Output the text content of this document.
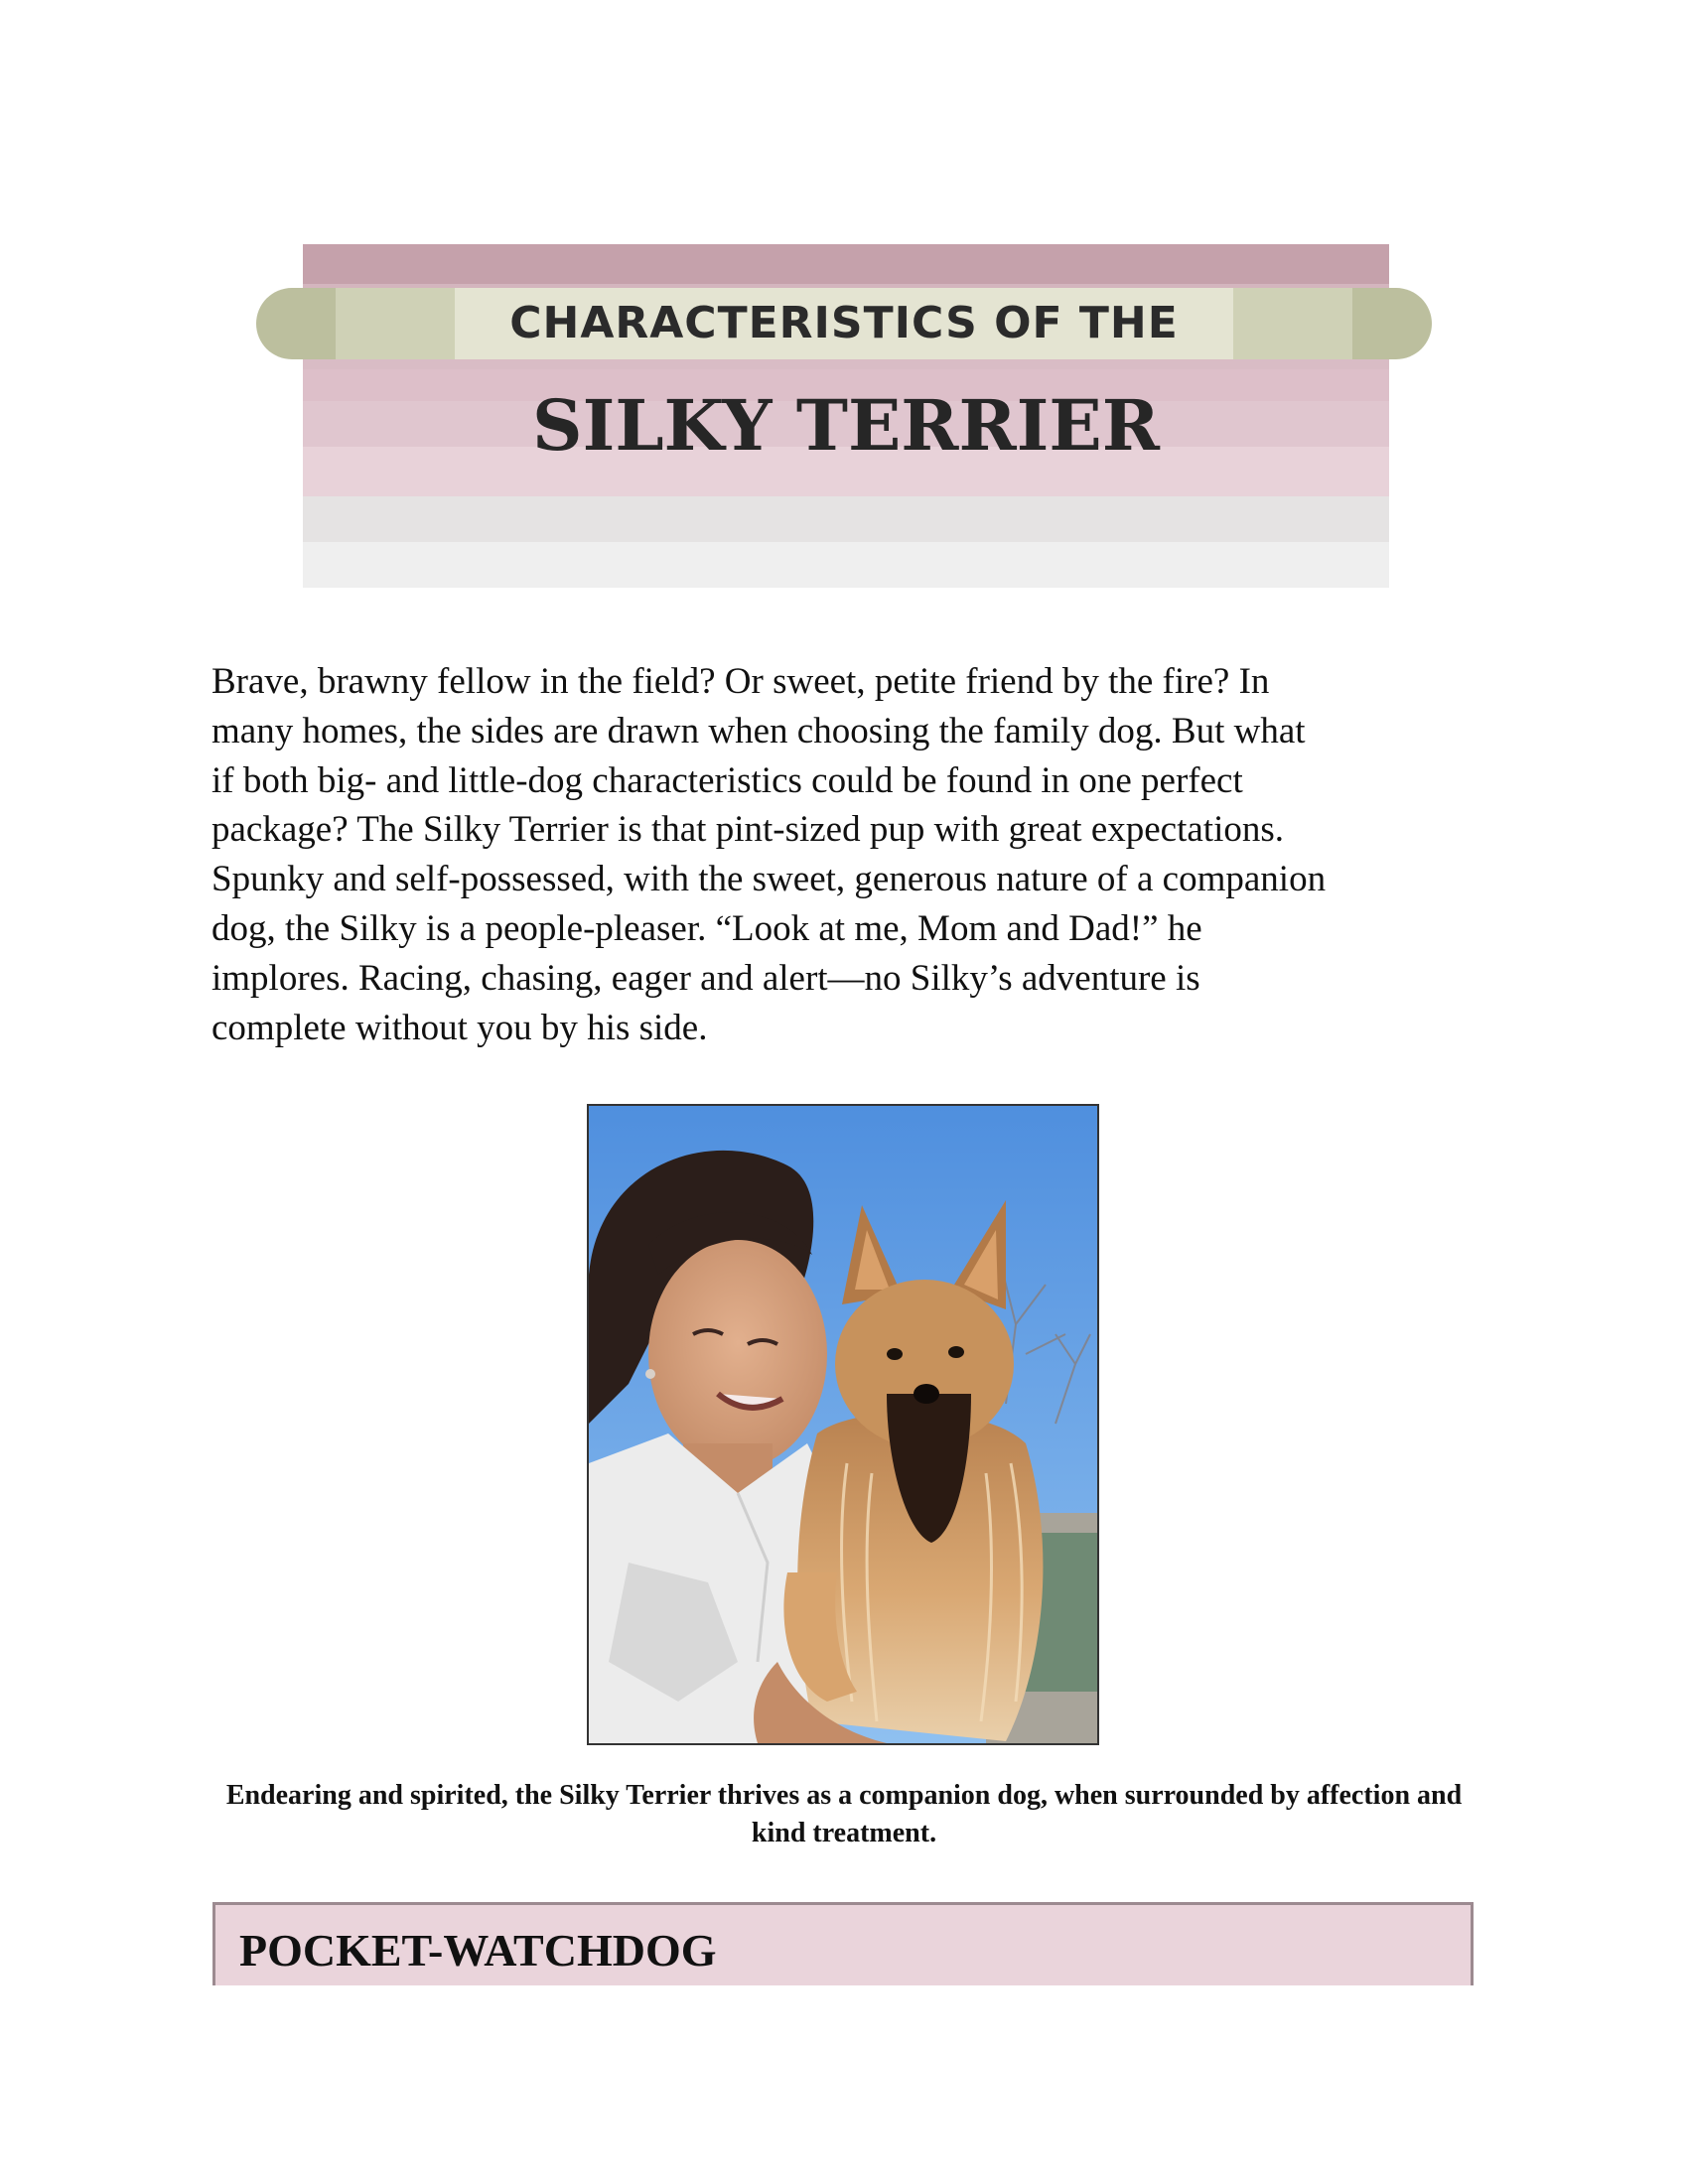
CHARACTERISTICS OF THE
SILKY TERRIER

Brave, brawny fellow in the field? Or sweet, petite friend by the fire? In
many homes, the sides are drawn when choosing the family dog. But what
if both big- and little-dog characteristics could be found in one perfect
package? The Silky Terrier is that pint-sized pup with great expectations.
Spunky and self-possessed, with the sweet, generous nature of a companion
dog, the Silky is a people-pleaser. “Look at me, Mom and Dad!” he
implores. Racing, chasing, eager and alert—no Silky’s adventure is
complete without you by his side.

Endearing and spirited, the Silky Terrier thrives as a companion dog, when surrounded by affection and kind treatment.

POCKET-WATCHDOG
